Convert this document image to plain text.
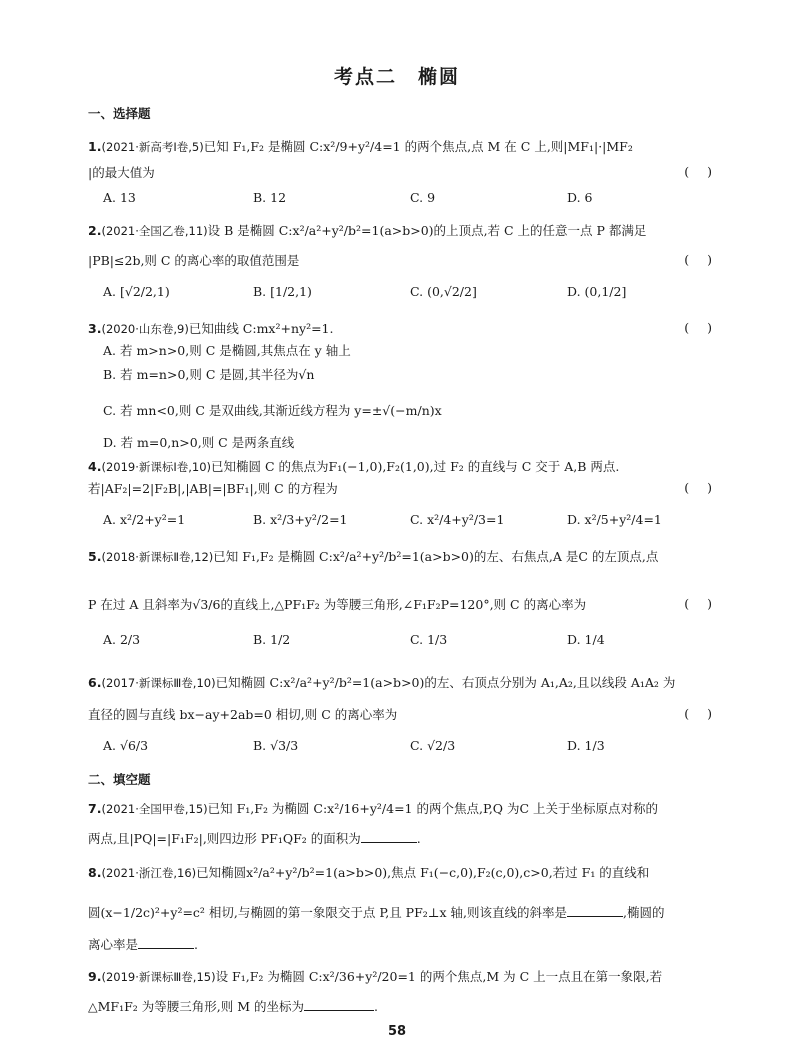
考点二　椭圆
一、选择题
1.(2021·新高考Ⅰ卷,5)已知 F₁,F₂ 是椭圆 C:x²/9+y²/4=1 的两个焦点,点 M 在 C 上,则|MF₁|·|MF₂
|的最大值为	()
A. 13	B. 12	C. 9	D. 6
2.(2021·全国乙卷,11)设 B 是椭圆 C:x²/a²+y²/b²=1(a>b>0)的上顶点,若 C 上的任意一点 P 都满足
|PB|≤2b,则 C 的离心率的取值范围是	()
A. [√2/2,1)	B. [1/2,1)	C. (0,√2/2]	D. (0,1/2]
3.(2020·山东卷,9)已知曲线 C:mx²+ny²=1.	()
A. 若 m>n>0,则 C 是椭圆,其焦点在 y 轴上
B. 若 m=n>0,则 C 是圆,其半径为√n
C. 若 mn<0,则 C 是双曲线,其渐近线方程为 y=±√(−m/n)x
D. 若 m=0,n>0,则 C 是两条直线
4.(2019·新课标Ⅰ卷,10)已知椭圆 C 的焦点为F₁(−1,0),F₂(1,0),过 F₂ 的直线与 C 交于 A,B 两点.
若|AF₂|=2|F₂B|,|AB|=|BF₁|,则 C 的方程为	()
A. x²/2+y²=1	B. x²/3+y²/2=1	C. x²/4+y²/3=1	D. x²/5+y²/4=1
5.(2018·新课标Ⅱ卷,12)已知 F₁,F₂ 是椭圆 C:x²/a²+y²/b²=1(a>b>0)的左、右焦点,A 是C 的左顶点,点
P 在过 A 且斜率为√3/6的直线上,△PF₁F₂ 为等腰三角形,∠F₁F₂P=120°,则 C 的离心率为	()
A. 2/3	B. 1/2	C. 1/3	D. 1/4
6.(2017·新课标Ⅲ卷,10)已知椭圆 C:x²/a²+y²/b²=1(a>b>0)的左、右顶点分别为 A₁,A₂,且以线段 A₁A₂ 为
直径的圆与直线 bx−ay+2ab=0 相切,则 C 的离心率为	()
A. √6/3	B. √3/3	C. √2/3	D. 1/3
二、填空题
7.(2021·全国甲卷,15)已知 F₁,F₂ 为椭圆 C:x²/16+y²/4=1 的两个焦点,P,Q 为C 上关于坐标原点对称的
两点,且|PQ|=|F₁F₂|,则四边形 PF₁QF₂ 的面积为	.
8.(2021·浙江卷,16)已知椭圆x²/a²+y²/b²=1(a>b>0),焦点 F₁(−c,0),F₂(c,0),c>0,若过 F₁ 的直线和
圆(x−1/2c)²+y²=c² 相切,与椭圆的第一象限交于点 P,且 PF₂⊥x 轴,则该直线的斜率是	,椭圆的
离心率是	.
9.(2019·新课标Ⅲ卷,15)设 F₁,F₂ 为椭圆 C:x²/36+y²/20=1 的两个焦点,M 为 C 上一点且在第一象限,若
△MF₁F₂ 为等腰三角形,则 M 的坐标为	.
58
